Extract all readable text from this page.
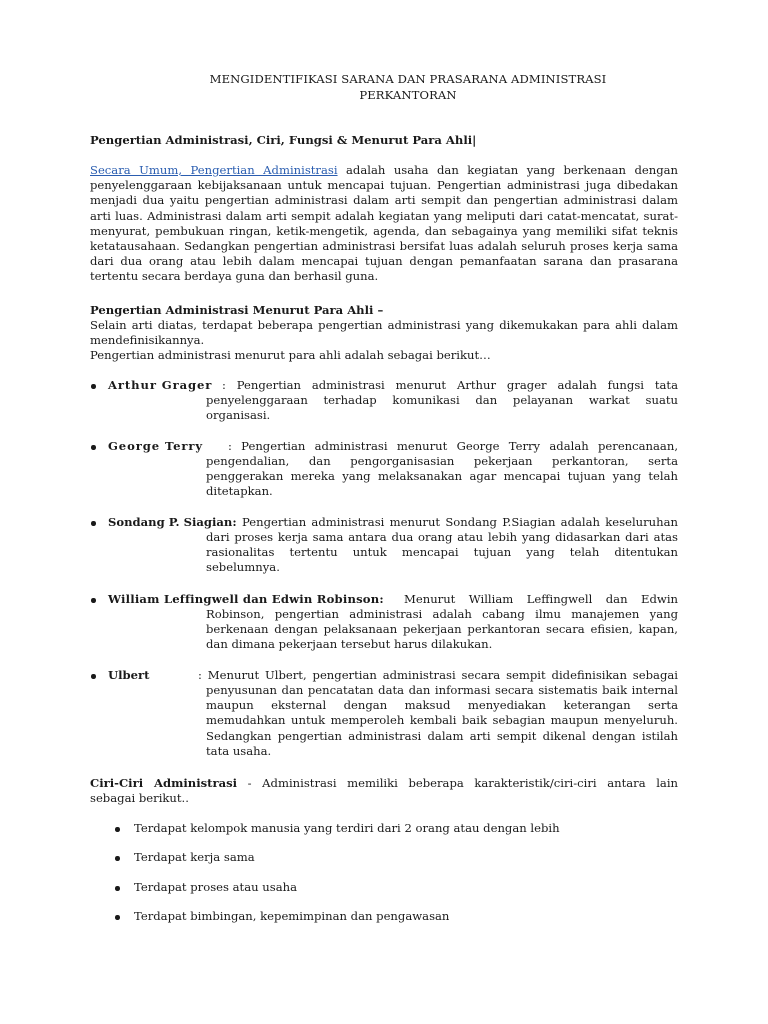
MENGIDENTIFIKASI SARANA DAN PRASARANA ADMINISTRASI
PERKANTORAN
Pengertian Administrasi, Ciri, Fungsi & Menurut Para Ahli|
Secara Umum, Pengertian Administrasi adalah usaha dan kegiatan yang berkenaan dengan
penyelenggaraan kebijaksanaan untuk mencapai tujuan. Pengertian administrasi juga dibedakan
menjadi dua yaitu pengertian administrasi dalam arti sempit dan pengertian administrasi dalam
arti luas. Administrasi dalam arti sempit adalah kegiatan yang meliputi dari catat-mencatat, surat-
menyurat, pembukuan ringan, ketik-mengetik, agenda, dan sebagainya yang memiliki sifat teknis
ketatausahaan. Sedangkan pengertian administrasi bersifat luas adalah seluruh proses kerja sama
dari dua orang atau lebih dalam mencapai tujuan dengan pemanfaatan sarana dan prasarana
tertentu secara berdaya guna dan berhasil guna.
Pengertian Administrasi Menurut Para Ahli –
Selain arti diatas, terdapat beberapa pengertian administrasi yang dikemukakan para ahli dalam
mendefinisikannya.
Pengertian administrasi menurut para ahli adalah sebagai berikut…
Arthur Grager : Pengertian administrasi menurut Arthur grager adalah fungsi tata
penyelenggaraan terhadap komunikasi dan pelayanan warkat suatu
organisasi.
George Terry : Pengertian administrasi menurut George Terry adalah perencanaan,
pengendalian, dan pengorganisasian pekerjaan perkantoran, serta
penggerakan mereka yang melaksanakan agar mencapai tujuan yang telah
ditetapkan.
Sondang P. Siagian: Pengertian administrasi menurut Sondang P.Siagian adalah keseluruhan
dari proses kerja sama antara dua orang atau lebih yang didasarkan dari atas
rasionalitas tertentu untuk mencapai tujuan yang telah ditentukan
sebelumnya.
William Leffingwell dan Edwin Robinson: Menurut William Leffingwell dan Edwin
Robinson, pengertian administrasi adalah cabang ilmu manajemen yang
berkenaan dengan pelaksanaan pekerjaan perkantoran secara efisien, kapan,
dan dimana pekerjaan tersebut harus dilakukan.
Ulbert	: Menurut Ulbert, pengertian administrasi secara sempit didefinisikan sebagai
penyusunan dan pencatatan data dan informasi secara sistematis baik internal
maupun eksternal dengan maksud menyediakan keterangan serta
memudahkan untuk memperoleh kembali baik sebagian maupun menyeluruh.
Sedangkan pengertian administrasi dalam arti sempit dikenal dengan istilah
tata usaha.
Ciri-Ciri Administrasi - Administrasi memiliki beberapa karakteristik/ciri-ciri antara lain
sebagai berikut..
Terdapat kelompok manusia yang terdiri dari 2 orang atau dengan lebih
Terdapat kerja sama
Terdapat proses atau usaha
Terdapat bimbingan, kepemimpinan dan pengawasan
